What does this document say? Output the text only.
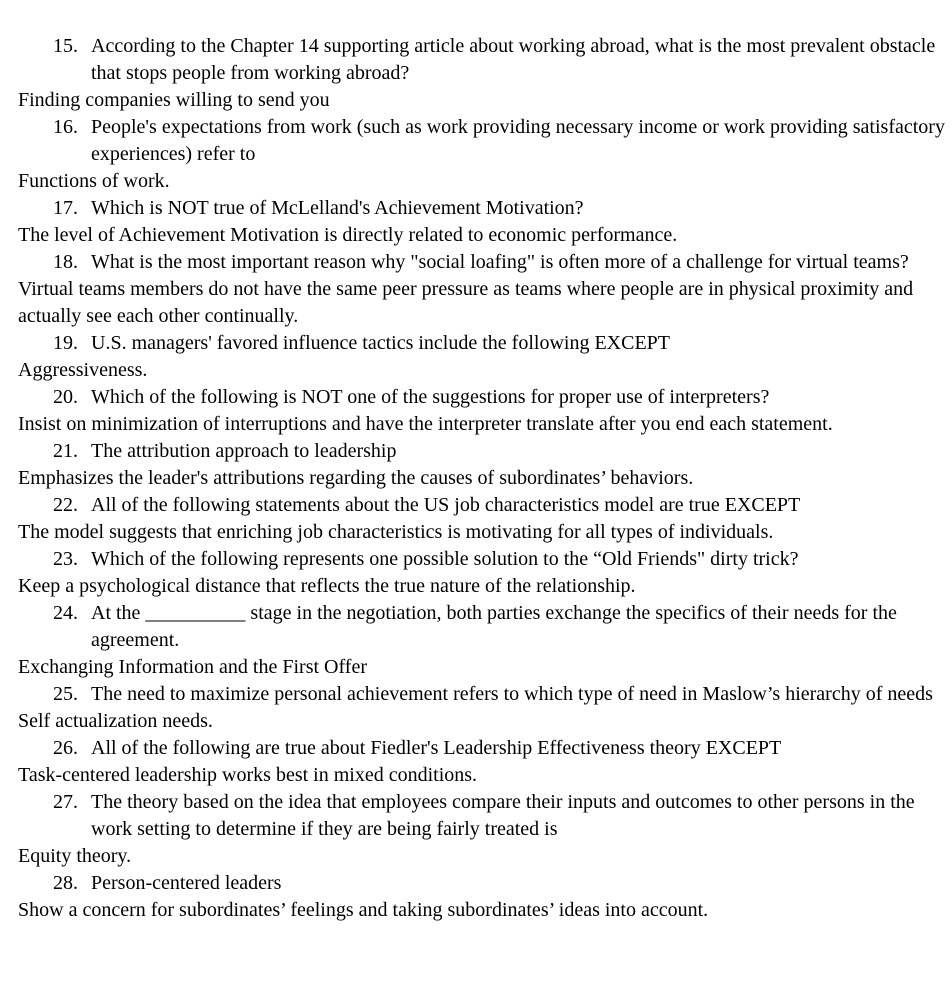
15. According to the Chapter 14 supporting article about working abroad, what is the most prevalent obstacle that stops people from working abroad?
Finding companies willing to send you
16. People's expectations from work (such as work providing necessary income or work providing satisfactory experiences) refer to
Functions of work.
17. Which is NOT true of McLelland's Achievement Motivation?
The level of Achievement Motivation is directly related to economic performance.
18. What is the most important reason why "social loafing" is often more of a challenge for virtual teams?
Virtual teams members do not have the same peer pressure as teams where people are in physical proximity and actually see each other continually.
19. U.S. managers' favored influence tactics include the following EXCEPT
Aggressiveness.
20. Which of the following is NOT one of the suggestions for proper use of interpreters?
Insist on minimization of interruptions and have the interpreter translate after you end each statement.
21. The attribution approach to leadership
Emphasizes the leader's attributions regarding the causes of subordinates’ behaviors.
22. All of the following statements about the US job characteristics model are true EXCEPT
The model suggests that enriching job characteristics is motivating for all types of individuals.
23. Which of the following represents one possible solution to the “Old Friends" dirty trick?
Keep a psychological distance that reflects the true nature of the relationship.
24. At the __________ stage in the negotiation, both parties exchange the specifics of their needs for the agreement.
Exchanging Information and the First Offer
25. The need to maximize personal achievement refers to which type of need in Maslow’s hierarchy of needs
Self actualization needs.
26. All of the following are true about Fiedler's Leadership Effectiveness theory EXCEPT
Task-centered leadership works best in mixed conditions.
27. The theory based on the idea that employees compare their inputs and outcomes to other persons in the work setting to determine if they are being fairly treated is
Equity theory.
28. Person-centered leaders
Show a concern for subordinates’ feelings and taking subordinates’ ideas into account.
